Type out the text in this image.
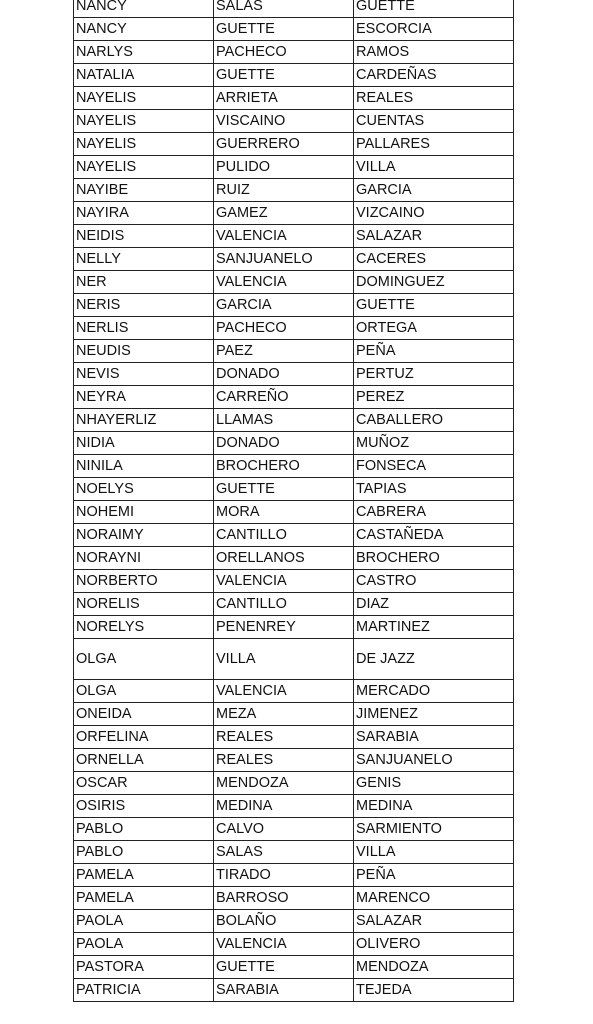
NANCY	SALAS	GUETTE
NANCY	GUETTE	ESCORCIA
NARLYS	PACHECO	RAMOS
NATALIA	GUETTE	CARDEÑAS
NAYELIS	ARRIETA	REALES
NAYELIS	VISCAINO	CUENTAS
NAYELIS	GUERRERO	PALLARES
NAYELIS	PULIDO	VILLA
NAYIBE	RUIZ	GARCIA
NAYIRA	GAMEZ	VIZCAINO
NEIDIS	VALENCIA	SALAZAR
NELLY	SANJUANELO	CACERES
NER	VALENCIA	DOMINGUEZ
NERIS	GARCIA	GUETTE
NERLIS	PACHECO	ORTEGA
NEUDIS	PAEZ	PEÑA
NEVIS	DONADO	PERTUZ
NEYRA	CARREÑO	PEREZ
NHAYERLIZ	LLAMAS	CABALLERO
NIDIA	DONADO	MUÑOZ
NINILA	BROCHERO	FONSECA
NOELYS	GUETTE	TAPIAS
NOHEMI	MORA	CABRERA
NORAIMY	CANTILLO	CASTAÑEDA
NORAYNI	ORELLANOS	BROCHERO
NORBERTO	VALENCIA	CASTRO
NORELIS	CANTILLO	DIAZ
NORELYS	PENENREY	MARTINEZ
OLGA	VILLA	DE JAZZ
OLGA	VALENCIA	MERCADO
ONEIDA	MEZA	JIMENEZ
ORFELINA	REALES	SARABIA
ORNELLA	REALES	SANJUANELO
OSCAR	MENDOZA	GENIS
OSIRIS	MEDINA	MEDINA
PABLO	CALVO	SARMIENTO
PABLO	SALAS	VILLA
PAMELA	TIRADO	PEÑA
PAMELA	BARROSO	MARENCO
PAOLA	BOLAÑO	SALAZAR
PAOLA	VALENCIA	OLIVERO
PASTORA	GUETTE	MENDOZA
PATRICIA	SARABIA	TEJEDA
